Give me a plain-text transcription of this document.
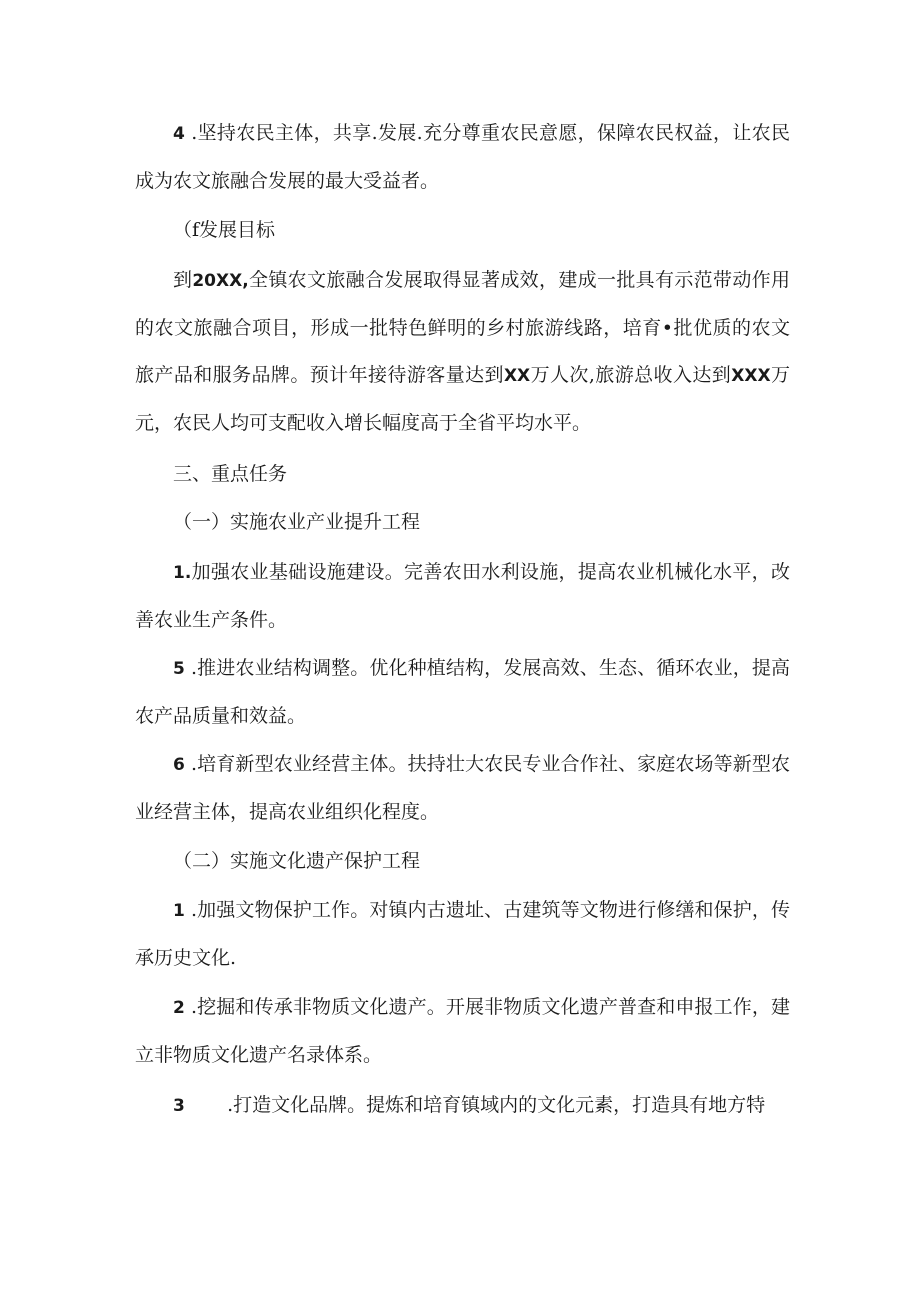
4 .坚持农民主体，共享.发展.充分尊重农民意愿，保障农民权益，让农民成为农文旅融合发展的最大受益者。

（f发展目标

到20XX,全镇农文旅融合发展取得显著成效，建成一批具有示范带动作用的农文旅融合项目，形成一批特色鲜明的乡村旅游线路，培育•批优质的农文旅产品和服务品牌。预计年接待游客量达到XX万人次,旅游总收入达到XXX万元，农民人均可支配收入增长幅度高于全省平均水平。

三、重点任务

（一）实施农业产业提升工程

1.加强农业基础设施建设。完善农田水利设施，提高农业机械化水平，改善农业生产条件。

5 .推进农业结构调整。优化种植结构，发展高效、生态、循环农业，提高农产品质量和效益。

6 .培育新型农业经营主体。扶持壮大农民专业合作社、家庭农场等新型农业经营主体，提高农业组织化程度。

（二）实施文化遗产保护工程

1 .加强文物保护工作。对镇内古遗址、古建筑等文物进行修缮和保护，传承历史文化.

2 .挖掘和传承非物质文化遗产。开展非物质文化遗产普查和申报工作，建立非物质文化遗产名录体系。

3 .打造文化品牌。提炼和培育镇域内的文化元素，打造具有地方特
